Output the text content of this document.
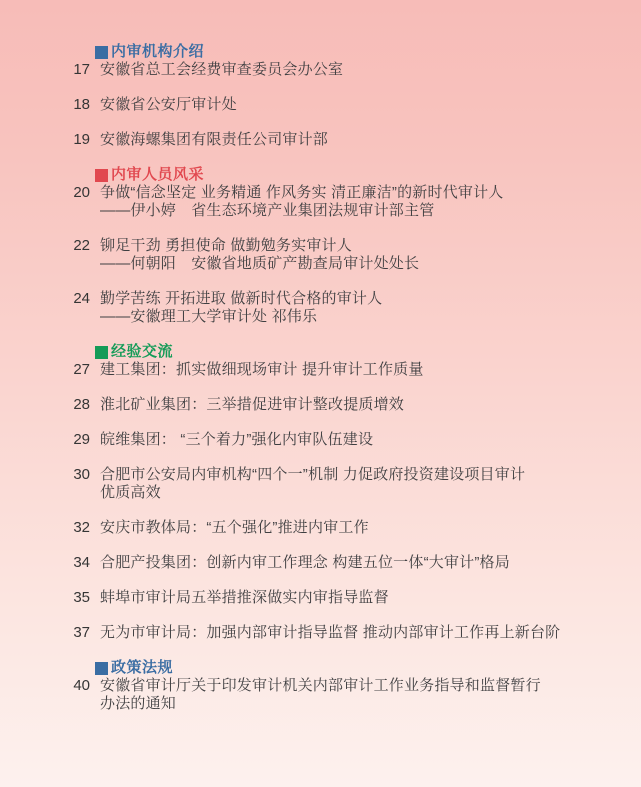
内审机构介绍
17 安徽省总工会经费审查委员会办公室
18 安徽省公安厅审计处
19 安徽海螺集团有限责任公司审计部
内审人员风采
20 争做“信念坚定 业务精通 作风务实 清正廉洁”的新时代审计人
——伊小婷　省生态环境产业集团法规审计部主管
22 铆足干劲 勇担使命 做勤勉务实审计人
——何朝阳　安徽省地质矿产勘查局审计处处长
24 勤学苦练 开拓进取 做新时代合格的审计人
——安徽理工大学审计处 祁伟乐
经验交流
27 建工集团：抓实做细现场审计 提升审计工作质量
28 淮北矿业集团：三举措促进审计整改提质增效
29 皖维集团： “三个着力”强化内审队伍建设
30 合肥市公安局内审机构“四个一”机制 力促政府投资建设项目审计
优质高效
32 安庆市教体局：“五个强化”推进内审工作
34 合肥产投集团：创新内审工作理念 构建五位一体“大审计”格局
35 蚌埠市审计局五举措推深做实内审指导监督
37 无为市审计局：加强内部审计指导监督 推动内部审计工作再上新台阶
政策法规
40 安徽省审计厅关于印发审计机关内部审计工作业务指导和监督暂行
办法的通知
